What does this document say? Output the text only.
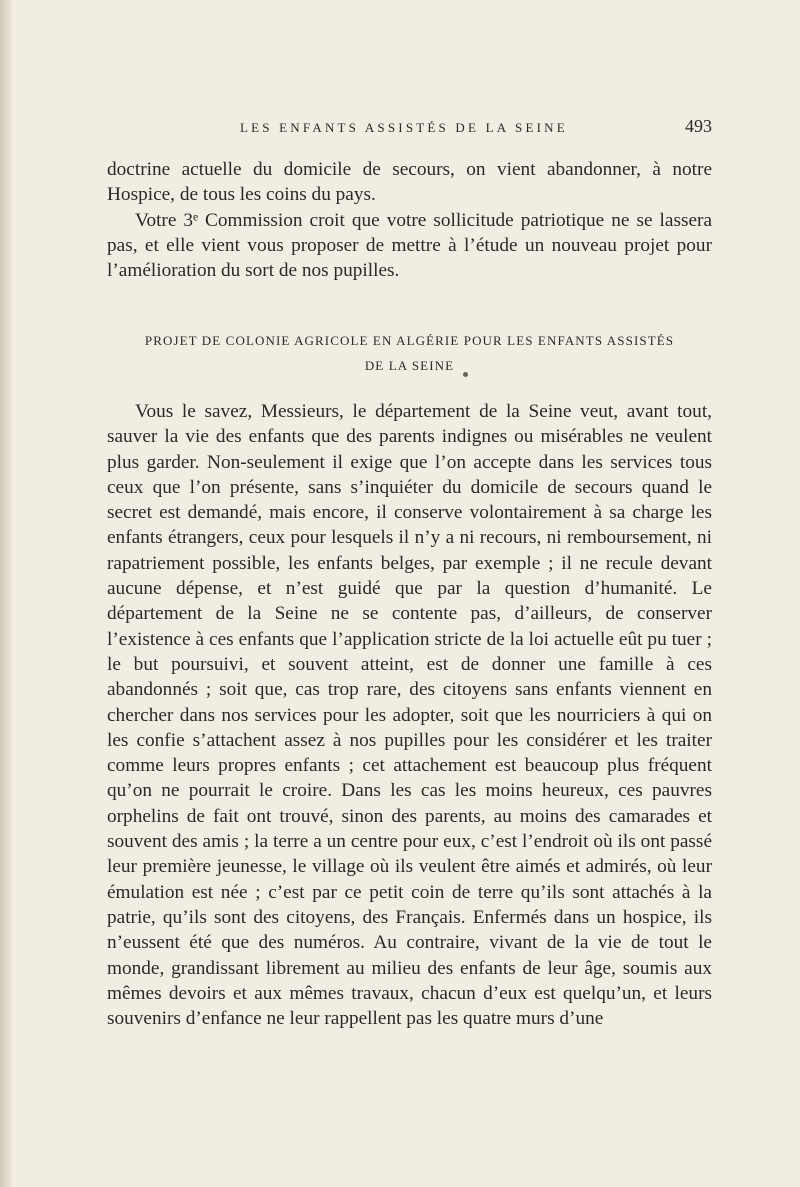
LES ENFANTS ASSISTÉS DE LA SEINE	493

doctrine actuelle du domicile de secours, on vient abandonner, à notre Hospice, de tous les coins du pays.

Votre 3ᵉ Commission croit que votre sollicitude patriotique ne se lassera pas, et elle vient vous proposer de mettre à l’étude un nouveau projet pour l’amélioration du sort de nos pupilles.

PROJET DE COLONIE AGRICOLE EN ALGÉRIE POUR LES ENFANTS ASSISTÉS
DE LA SEINE

Vous le savez, Messieurs, le département de la Seine veut, avant tout, sauver la vie des enfants que des parents indignes ou misérables ne veulent plus garder. Non-seulement il exige que l’on accepte dans les services tous ceux que l’on présente, sans s’inquiéter du domicile de secours quand le secret est demandé, mais encore, il conserve volontairement à sa charge les enfants étrangers, ceux pour lesquels il n’y a ni recours, ni remboursement, ni rapatriement possible, les enfants belges, par exemple ; il ne recule devant aucune dépense, et n’est guidé que par la question d’humanité. Le département de la Seine ne se contente pas, d’ailleurs, de conserver l’existence à ces enfants que l’application stricte de la loi actuelle eût pu tuer ; le but poursuivi, et souvent atteint, est de donner une famille à ces abandonnés ; soit que, cas trop rare, des citoyens sans enfants viennent en chercher dans nos services pour les adopter, soit que les nourriciers à qui on les confie s’attachent assez à nos pupilles pour les considérer et les traiter comme leurs propres enfants ; cet attachement est beaucoup plus fréquent qu’on ne pourrait le croire. Dans les cas les moins heureux, ces pauvres orphelins de fait ont trouvé, sinon des parents, au moins des camarades et souvent des amis ; la terre a un centre pour eux, c’est l’endroit où ils ont passé leur première jeunesse, le village où ils veulent être aimés et admirés, où leur émulation est née ; c’est par ce petit coin de terre qu’ils sont attachés à la patrie, qu’ils sont des citoyens, des Français. Enfermés dans un hospice, ils n’eussent été que des numéros. Au contraire, vivant de la vie de tout le monde, grandissant librement au milieu des enfants de leur âge, soumis aux mêmes devoirs et aux mêmes travaux, chacun d’eux est quelqu’un, et leurs souvenirs d’enfance ne leur rappellent pas les quatre murs d’une
